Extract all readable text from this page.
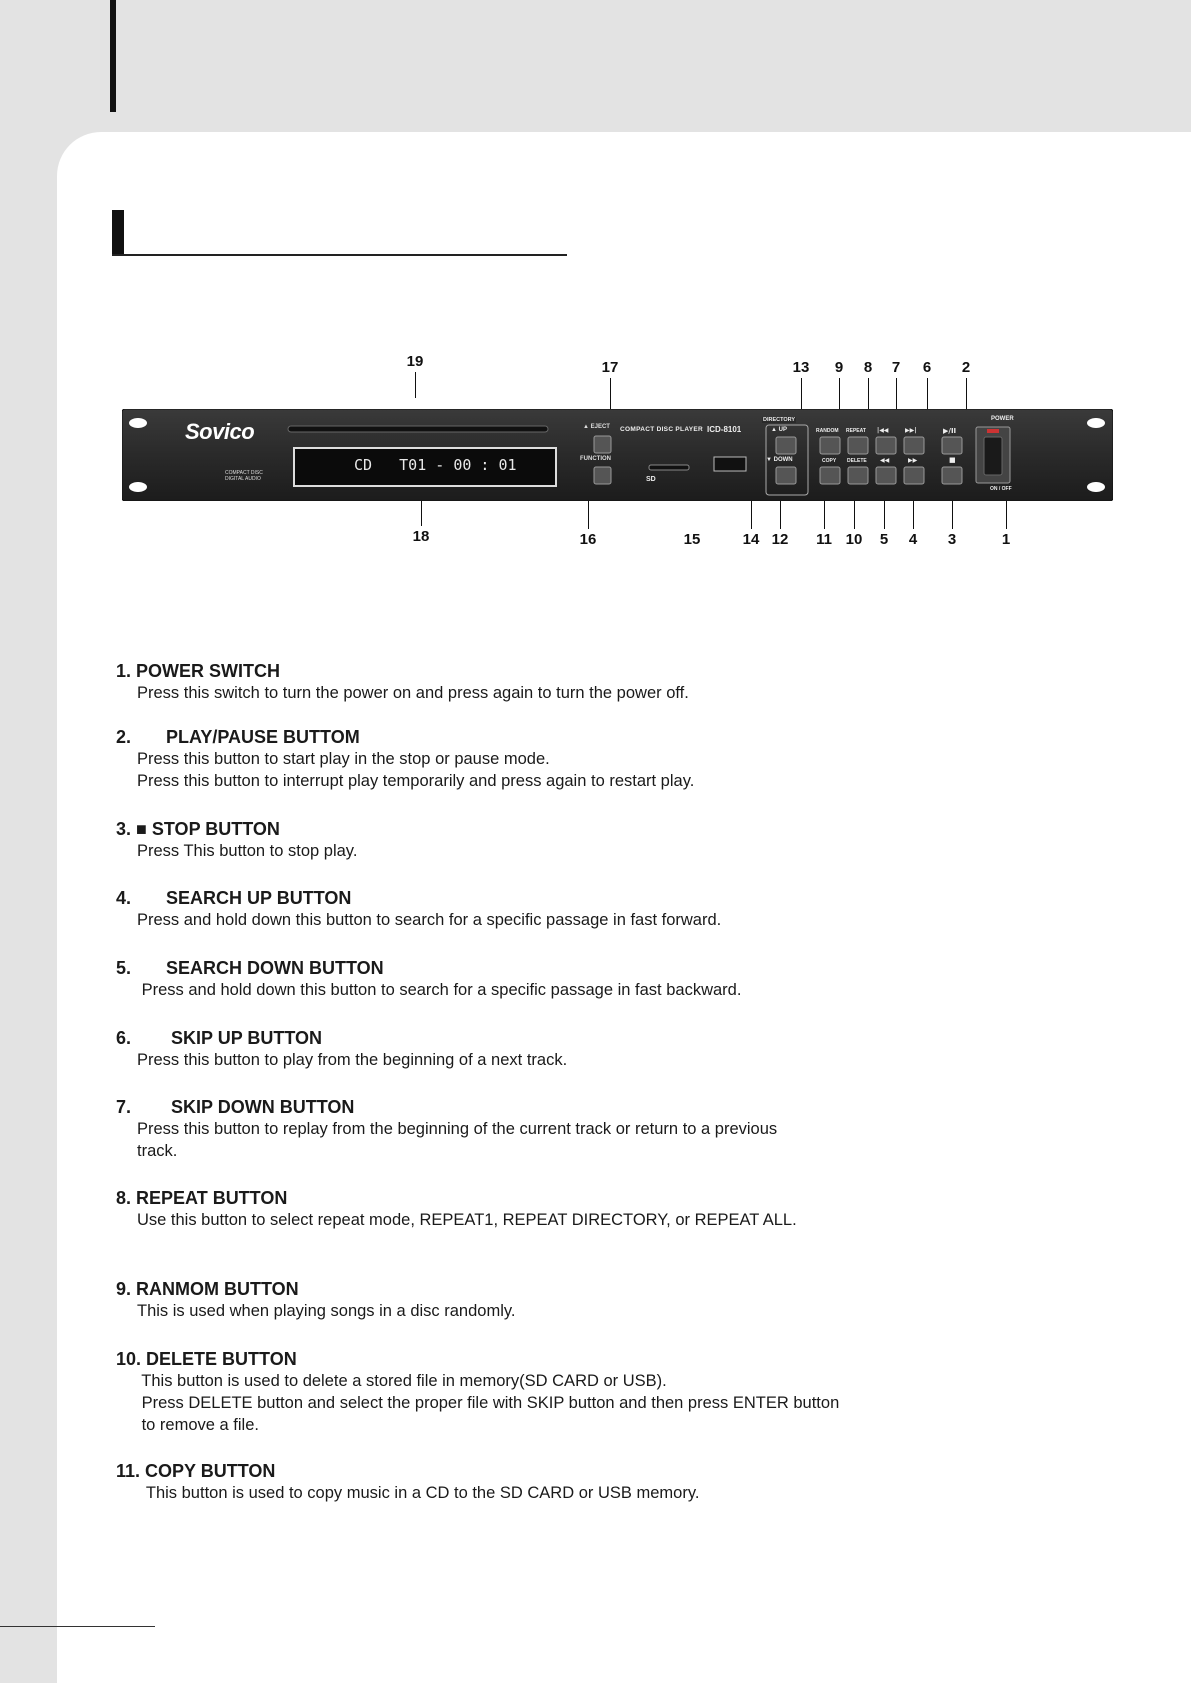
19	17	13 9 8 7 6 2
18	16	15	14 12 11 10 5 4 3	1
Sovico
COMPACT DISC DIGITAL AUDIO
CD   T01 - 00 : 01
▲ EJECT
FUNCTION
COMPACT DISC PLAYER ICD-8101
SD
DIRECTORY
▲ UP
▼ DOWN
RANDOM REPEAT |◀◀	▶▶|	▶/II
COPY DELETE ◀◀	▶▶	■
POWER
ON / OFF
1. POWER SWITCH
Press this switch to turn the power on and press again to turn the power off.
2.       PLAY/PAUSE BUTTOM
Press this button to start play in the stop or pause mode.
Press this button to interrupt play temporarily and press again to restart play.
3. ■ STOP BUTTON
Press This button to stop play.
4.       SEARCH UP BUTTON
Press and hold down this button to search for a specific passage in fast forward.
5.       SEARCH DOWN BUTTON
Press and hold down this button to search for a specific passage in fast backward.
6.        SKIP UP BUTTON
Press this button to play from the beginning of a next track.
7.        SKIP DOWN BUTTON
Press this button to replay from the beginning of the current track or return to a previous
track.
8. REPEAT BUTTON
Use this button to select repeat mode, REPEAT1, REPEAT DIRECTORY, or REPEAT ALL.
9. RANMOM BUTTON
This is used when playing songs in a disc randomly.
10. DELETE BUTTON
This button is used to delete a stored file in memory(SD CARD or USB).
Press DELETE button and select the proper file with SKIP button and then press ENTER button
to remove a file.
11. COPY BUTTON
This button is used to copy music in a CD to the SD CARD or USB memory.
